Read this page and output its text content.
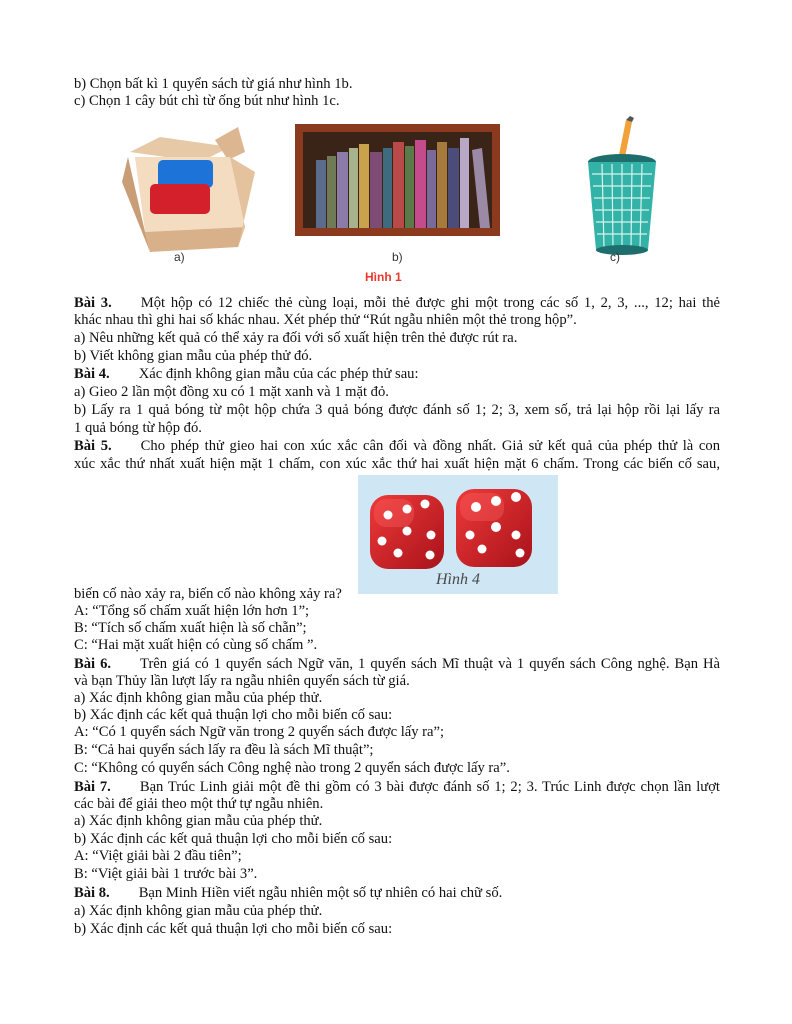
b) Chọn bất kì 1 quyển sách từ giá như hình 1b.
c) Chọn 1 cây bút chì từ ống bút như hình 1c.
a)	b)	c)
Hình 1
Bài 3. Một hộp có 12 chiếc thẻ cùng loại, mỗi thẻ được ghi một trong các số 1, 2, 3, ..., 12; hai thẻ
khác nhau thì ghi hai số khác nhau. Xét phép thử “Rút ngẫu nhiên một thẻ trong hộp”.
a) Nêu những kết quả có thể xảy ra đối với số xuất hiện trên thẻ được rút ra.
b) Viết không gian mẫu của phép thử đó.
Bài 4. Xác định không gian mẫu của các phép thử sau:
a) Gieo 2 lần một đồng xu có 1 mặt xanh và 1 mặt đỏ.
b) Lấy ra 1 quả bóng từ một hộp chứa 3 quả bóng được đánh số 1; 2; 3, xem số, trả lại hộp rồi lại lấy ra
1 quả bóng từ hộp đó.
Bài 5. Cho phép thử gieo hai con xúc xắc cân đối và đồng nhất. Giả sử kết quả của phép thử là con
xúc xắc thứ nhất xuất hiện mặt 1 chấm, con xúc xắc thứ hai xuất hiện mặt 6 chấm. Trong các biến cố sau,
Hình 4
biến cố nào xảy ra, biến cố nào không xảy ra?
A: “Tổng số chấm xuất hiện lớn hơn 1”;
B: “Tích số chấm xuất hiện là số chẵn”;
C: “Hai mặt xuất hiện có cùng số chấm ”.
Bài 6. Trên giá có 1 quyển sách Ngữ văn, 1 quyển sách Mĩ thuật và 1 quyển sách Công nghệ. Bạn Hà
và bạn Thủy lần lượt lấy ra ngẫu nhiên quyển sách từ giá.
a) Xác định không gian mẫu của phép thử.
b) Xác định các kết quả thuận lợi cho mỗi biến cố sau:
A: “Có 1 quyển sách Ngữ văn trong 2 quyển sách được lấy ra”;
B: “Cả hai quyển sách lấy ra đều là sách Mĩ thuật”;
C: “Không có quyển sách Công nghệ nào trong 2 quyển sách được lấy ra”.
Bài 7. Bạn Trúc Linh giải một đề thi gồm có 3 bài được đánh số 1; 2; 3. Trúc Linh được chọn lần lượt
các bài để giải theo một thứ tự ngẫu nhiên.
a) Xác định không gian mẫu của phép thử.
b) Xác định các kết quả thuận lợi cho mỗi biến cố sau:
A: “Việt giải bài 2 đầu tiên”;
B: “Việt giải bài 1 trước bài 3”.
Bài 8. Bạn Minh Hiền viết ngẫu nhiên một số tự nhiên có hai chữ số.
a) Xác định không gian mẫu của phép thử.
b) Xác định các kết quả thuận lợi cho mỗi biến cố sau:
